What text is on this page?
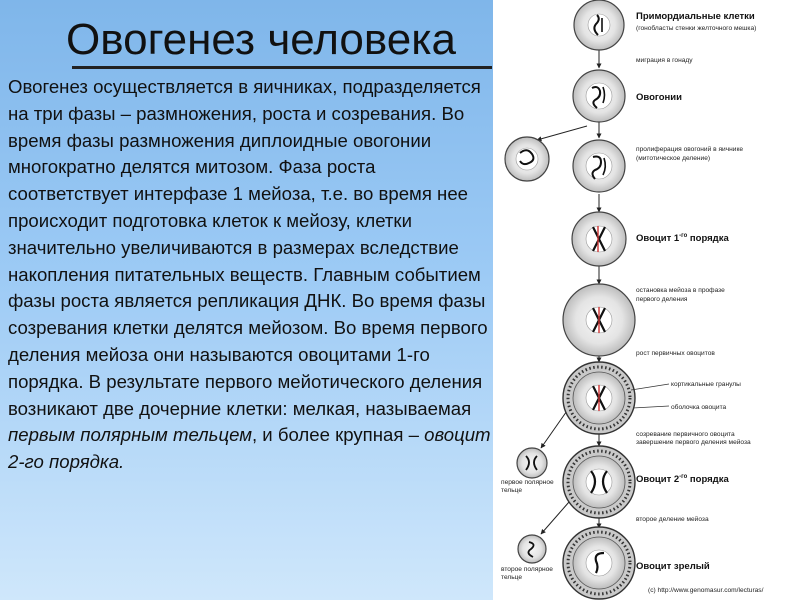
Овогенез человека
Овогенез осуществляется в яичниках, подразделяется на три фазы – размножения, роста и созревания. Во время фазы размножения диплоидные овогонии многократно делятся митозом. Фаза роста соответствует интерфазе 1 мейоза, т.е. во время нее происходит подготовка клеток к мейозу, клетки значительно увеличиваются в размерах вследствие накопления питательных веществ. Главным событием фазы роста является репликация ДНК. Во время фазы созревания клетки делятся мейозом. Во время первого деления мейоза они называются овоцитами 1-го порядка. В результате первого мейотического деления возникают две дочерние клетки: мелкая, называемая первым полярным тельцем, и более крупная – овоцит 2-го порядка.
Примордиальные клетки
(гонобласты стенки желточного мешка)
миграция в гонаду
Овогонии
пролиферация овогоний в яичнике
(митотическое деление)
Овоцит $1^{-го}$ порядка
остановка мейоза в профазе
первого деления
рост первичных овоцитов
кортикальные гранулы
оболочка овоцита
созревание первичного овоцита
завершение первого деления мейоза
первое полярное
тельце
Овоцит $2^{-го}$ порядка
второе деление мейоза
второе полярное
тельце
Овоцит зрелый
(c) http://www.genomasur.com/lecturas/
